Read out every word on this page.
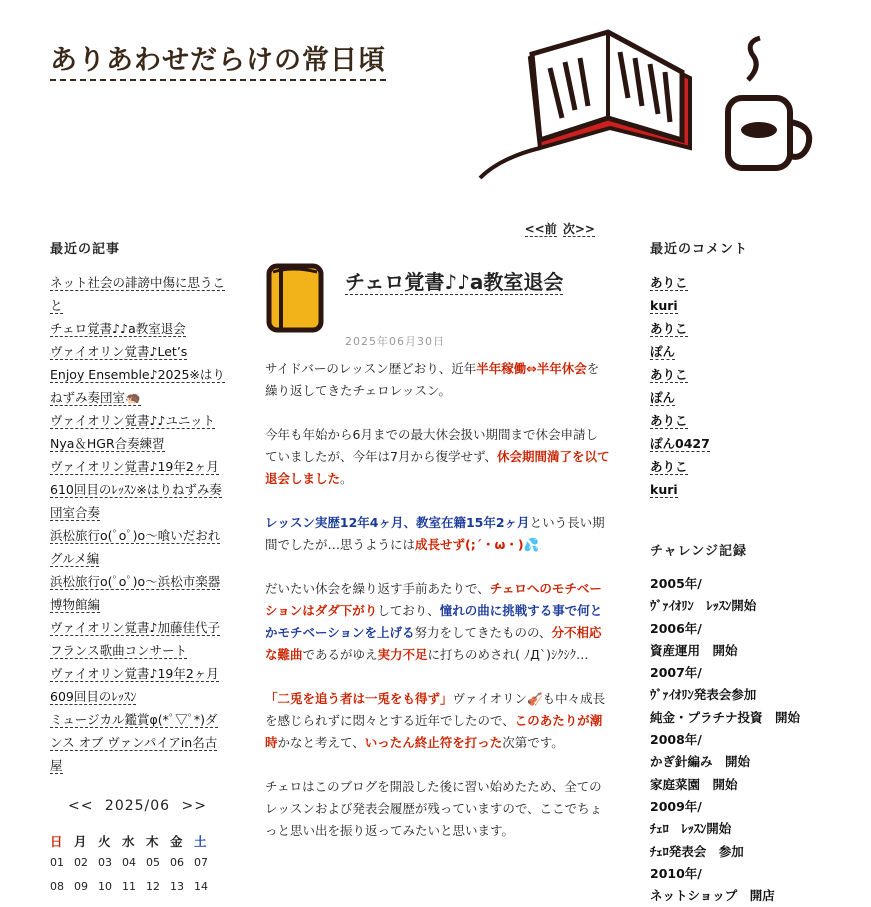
ありあわせだらけの常日頃
最近の記事
ネット社会の誹謗中傷に思うこと
チェロ覚書♪♪a教室退会
ヴァイオリン覚書♪Let’s Enjoy Ensemble♪2025※はりねずみ奏団室🦔
ヴァイオリン覚書♪♪ユニットNya＆HGR合奏練習
ヴァイオリン覚書♪19年2ヶ月610回目のﾚｯｽﾝ※はりねずみ奏団室合奏
浜松旅行o(ﾟoﾟ)o～喰いだおれグルメ編
浜松旅行o(ﾟoﾟ)o～浜松市楽器博物館編
ヴァイオリン覚書♪加藤佳代子フランス歌曲コンサート
ヴァイオリン覚書♪19年2ヶ月609回目のﾚｯｽﾝ
ミュージカル鑑賞φ(*ﾟ▽ﾟ*)ダンス オブ ヴァンパイアin名古屋
<< 2025/06 >>
日 月 火 水 木 金 土
01 02 03 04 05 06 07
08 09 10 11 12 13 14
<<前 次>>
チェロ覚書♪♪a教室退会
2025年06月30日

サイドバーのレッスン歴どおり、近年半年稼働⇔半年休会を繰り返してきたチェロレッスン。

今年も年始から6月までの最大休会扱い期間まで休会申請していましたが、今年は7月から復学せず、休会期間満了を以て退会しました。

レッスン実歴12年4ヶ月、教室在籍15年2ヶ月という長い期間でしたが…思うようには成長せず(;´・ω・)💦

だいたい休会を繰り返す手前あたりで、チェロへのモチベーションはダダ下がりしており、憧れの曲に挑戦する事で何とかモチベーションを上げる努力をしてきたものの、分不相応な難曲であるがゆえ実力不足に打ちのめされ( ﾉД`)ｼｸｼｸ…

「二兎を追う者は一兎をも得ず」ヴァイオリン🎻も中々成長を感じられずに悶々とする近年でしたので、このあたりが潮時かなと考えて、いったん終止符を打った次第です。

チェロはこのブログを開設した後に習い始めたため、全てのレッスンおよび発表会履歴が残っていますので、ここでちょっと思い出を振り返ってみたいと思います。

最近のコメント
ありこ
kuri
ありこ
ぽん
ありこ
ぽん
ありこ
ぽん0427
ありこ
kuri
チャレンジ記録
2005年/
ｳﾞｧｲｵﾘﾝ　ﾚｯｽﾝ開始
2006年/
資産運用　開始
2007年/
ｳﾞｧｲｵﾘﾝ発表会参加
純金・プラチナ投資　開始
2008年/
かぎ針編み　開始
家庭菜園　開始
2009年/
ﾁｪﾛ　ﾚｯｽﾝ開始
ﾁｪﾛ発表会　参加
2010年/
ネットショップ　開店
